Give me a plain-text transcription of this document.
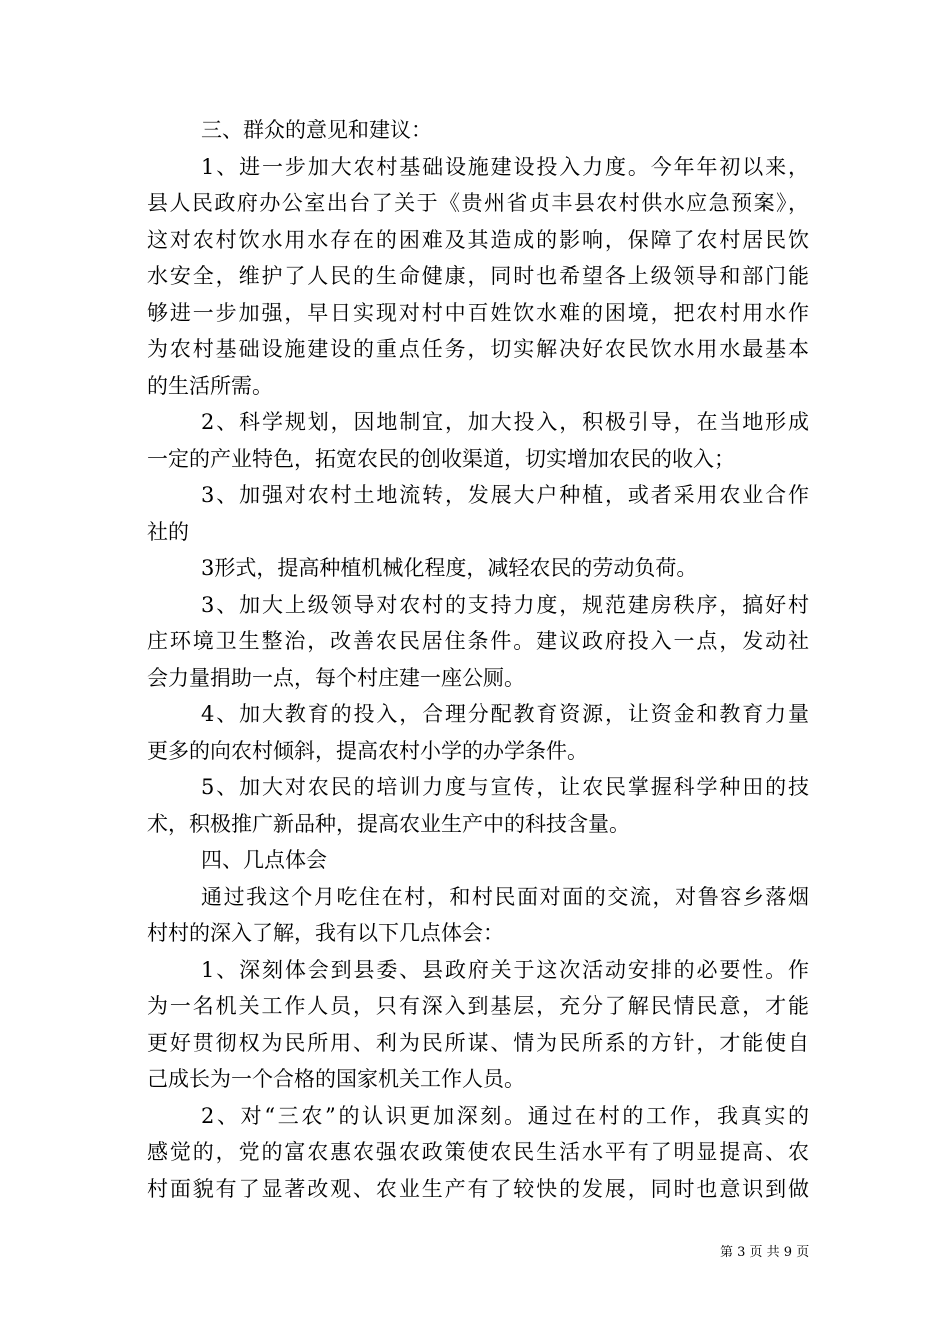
三、群众的意见和建议：
1、进一步加大农村基础设施建设投入力度。今年年初以来，
县人民政府办公室出台了关于《贵州省贞丰县农村供水应急预案》，
这对农村饮水用水存在的困难及其造成的影响，保障了农村居民饮
水安全，维护了人民的生命健康，同时也希望各上级领导和部门能
够进一步加强，早日实现对村中百姓饮水难的困境，把农村用水作
为农村基础设施建设的重点任务，切实解决好农民饮水用水最基本
的生活所需。
2、科学规划，因地制宜，加大投入，积极引导，在当地形成
一定的产业特色，拓宽农民的创收渠道，切实增加农民的收入；
3、加强对农村土地流转，发展大户种植，或者采用农业合作
社的
3形式，提高种植机械化程度，减轻农民的劳动负荷。
3、加大上级领导对农村的支持力度，规范建房秩序，搞好村
庄环境卫生整治，改善农民居住条件。建议政府投入一点，发动社
会力量捐助一点，每个村庄建一座公厕。
4、加大教育的投入，合理分配教育资源，让资金和教育力量
更多的向农村倾斜，提高农村小学的办学条件。
5、加大对农民的培训力度与宣传，让农民掌握科学种田的技
术，积极推广新品种，提高农业生产中的科技含量。
四、几点体会
通过我这个月吃住在村，和村民面对面的交流，对鲁容乡落烟
村村的深入了解，我有以下几点体会：
1、深刻体会到县委、县政府关于这次活动安排的必要性。作
为一名机关工作人员，只有深入到基层，充分了解民情民意，才能
更好贯彻权为民所用、利为民所谋、情为民所系的方针，才能使自
己成长为一个合格的国家机关工作人员。
2、对“三农”的认识更加深刻。通过在村的工作，我真实的
感觉的，党的富农惠农强农政策使农民生活水平有了明显提高、农
村面貌有了显著改观、农业生产有了较快的发展，同时也意识到做
第 3 页 共 9 页
